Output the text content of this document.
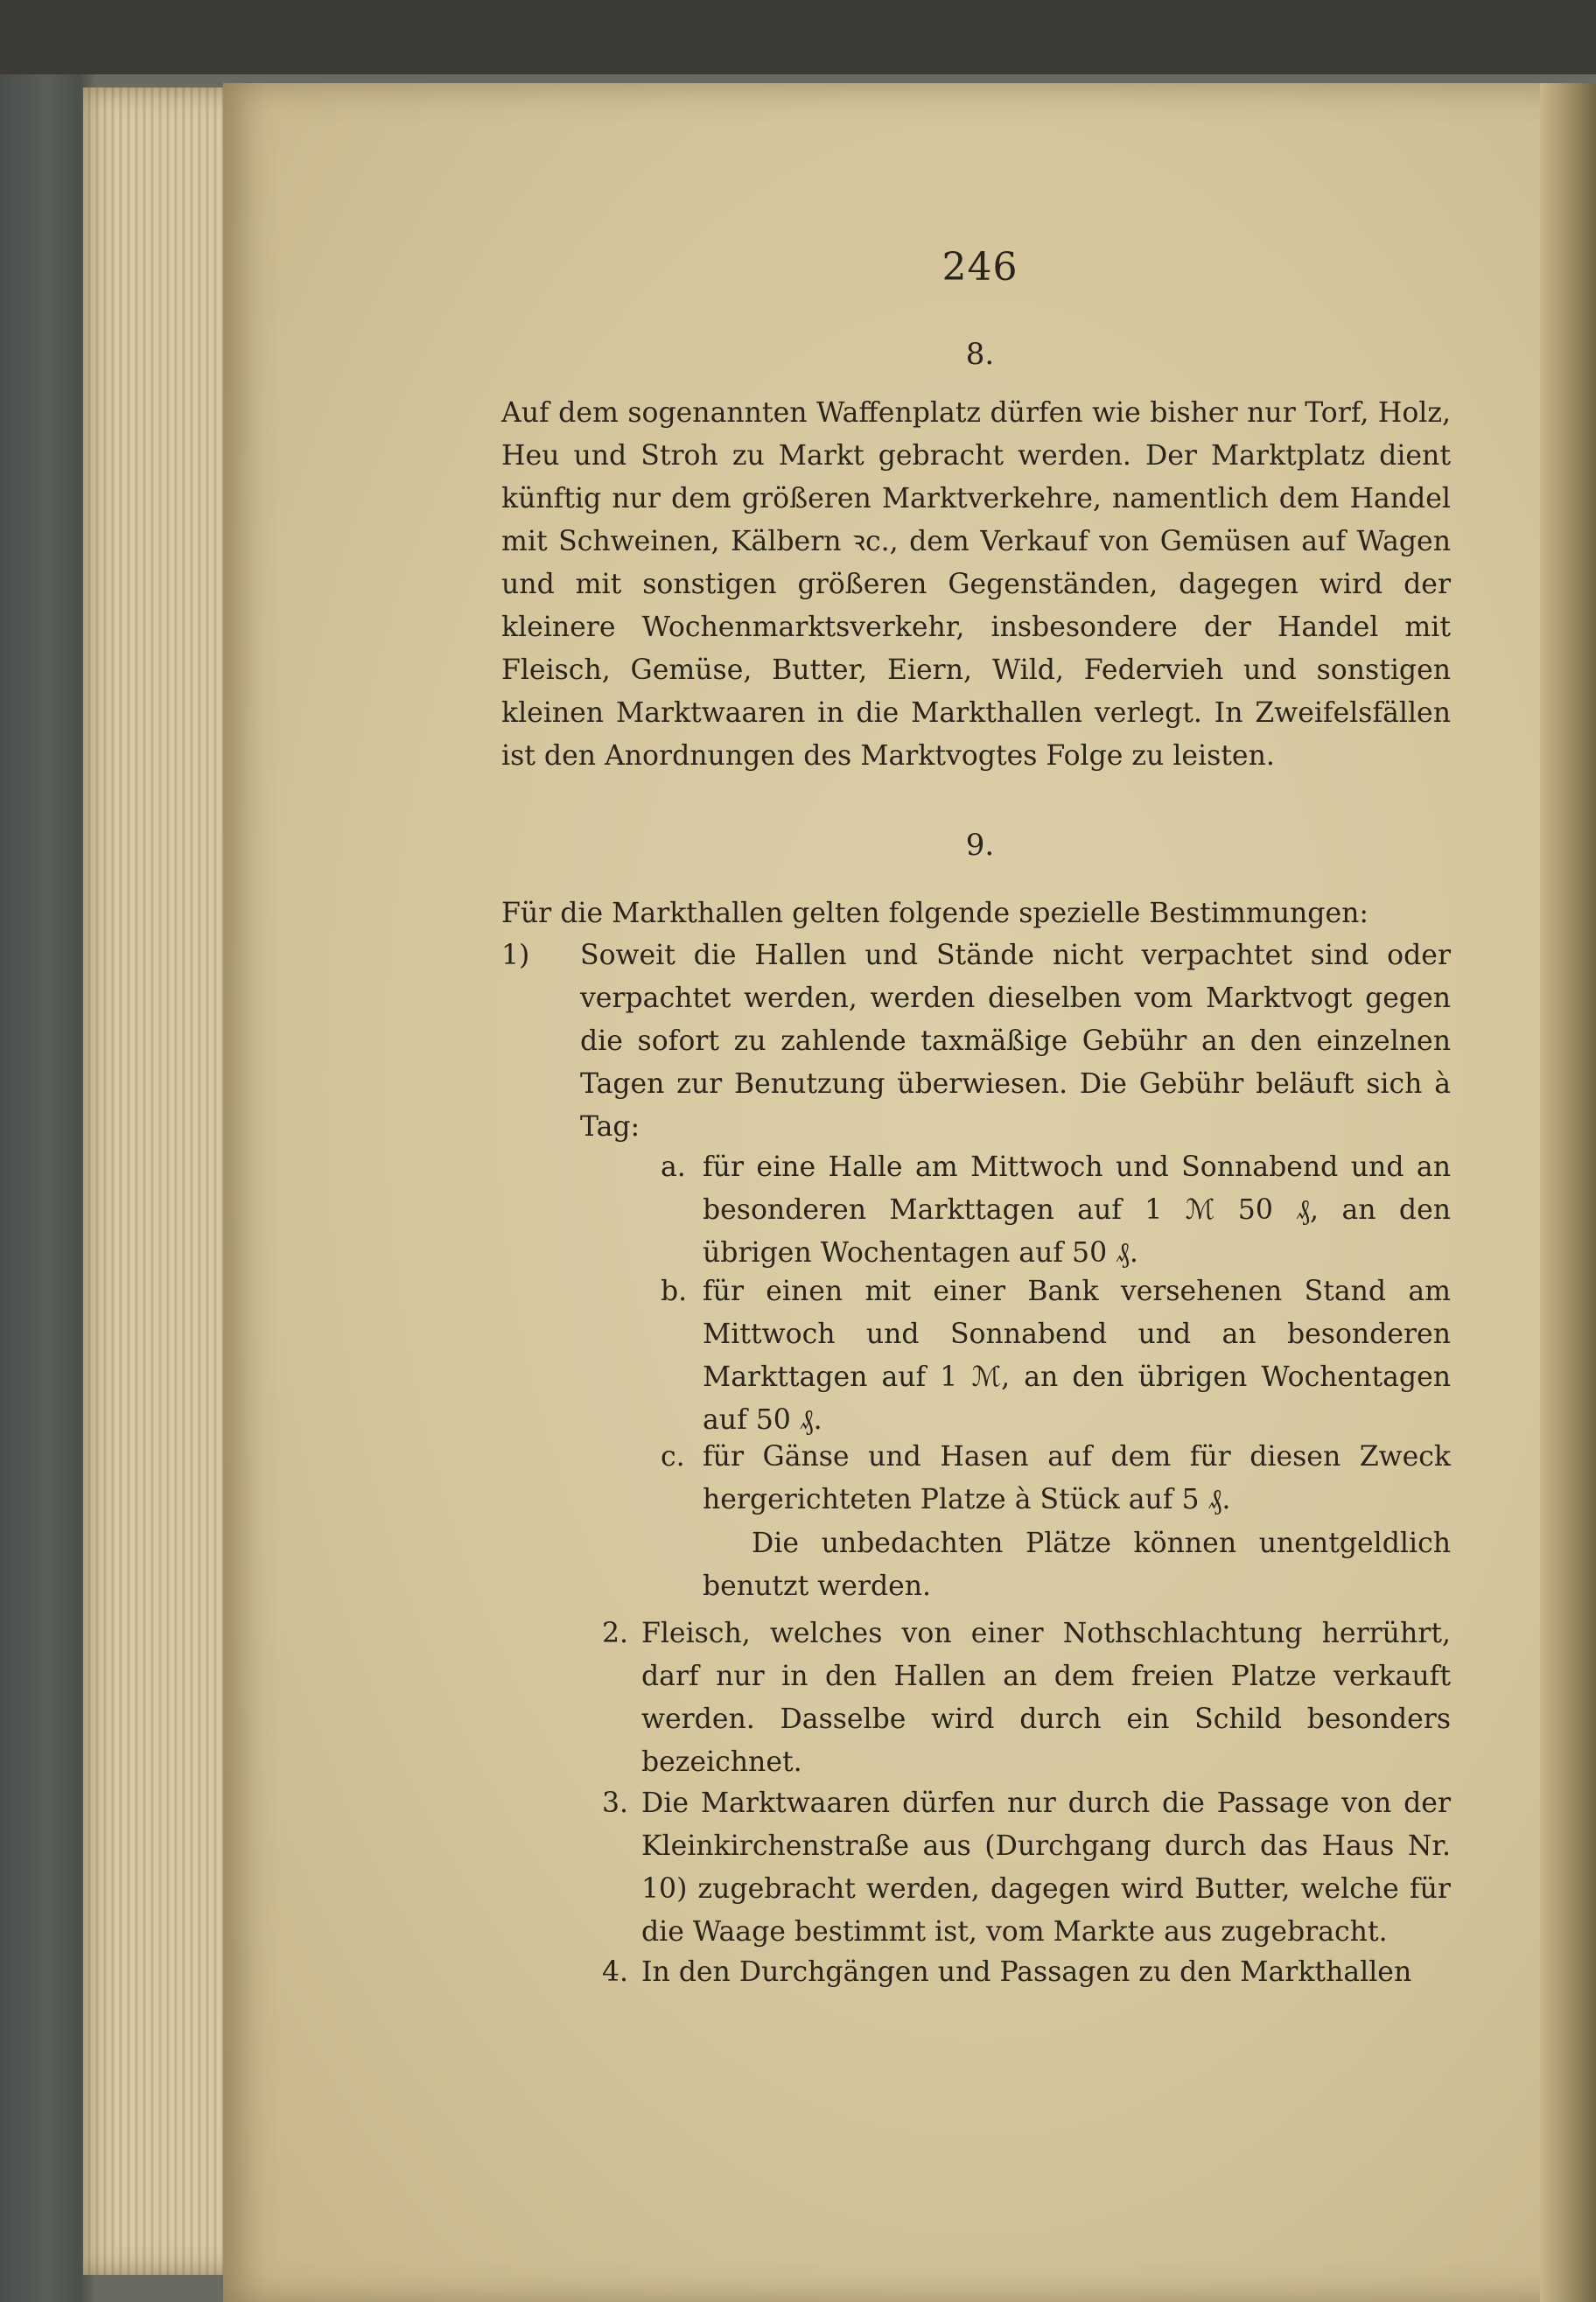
246
8.

Auf dem sogenannten Waffenplatz dürfen wie bisher nur Torf, Holz, Heu und Stroh zu Markt gebracht werden. Der Marktplatz dient künftig nur dem größeren Marktverkehre, namentlich dem Handel mit Schweinen, Kälbern ꝛc., dem Verkauf von Gemüsen auf Wagen und mit sonstigen größeren Gegenständen, dagegen wird der kleinere Wochenmarktsverkehr, insbesondere der Handel mit Fleisch, Gemüse, Butter, Eiern, Wild, Federvieh und sonstigen kleinen Marktwaaren in die Markthallen verlegt. In Zweifelsfällen ist den Anordnungen des Marktvogtes Folge zu leisten.

9.
Für die Markthallen gelten folgende spezielle Bestimmungen:
1)	Soweit die Hallen und Stände nicht verpachtet sind oder verpachtet werden, werden dieselben vom Marktvogt gegen die sofort zu zahlende taxmäßige Gebühr an den einzelnen Tagen zur Benutzung überwiesen. Die Gebühr beläuft sich à Tag:
a. für eine Halle am Mittwoch und Sonnabend und an besonderen Markttagen auf 1 ℳ 50 ₰, an den übrigen Wochentagen auf 50 ₰.
b. für einen mit einer Bank versehenen Stand am Mittwoch und Sonnabend und an besonderen Markttagen auf 1 ℳ, an den übrigen Wochentagen auf 50 ₰.
c. für Gänse und Hasen auf dem für diesen Zweck hergerichteten Platze à Stück auf 5 ₰.
Die unbedachten Plätze können unentgeldlich benutzt werden.
2. Fleisch, welches von einer Nothschlachtung herrührt, darf nur in den Hallen an dem freien Platze verkauft werden. Dasselbe wird durch ein Schild besonders bezeichnet.
3. Die Marktwaaren dürfen nur durch die Passage von der Kleinkirchenstraße aus (Durchgang durch das Haus Nr. 10) zugebracht werden, dagegen wird Butter, welche für die Waage bestimmt ist, vom Markte aus zugebracht.
4. In den Durchgängen und Passagen zu den Markthallen
